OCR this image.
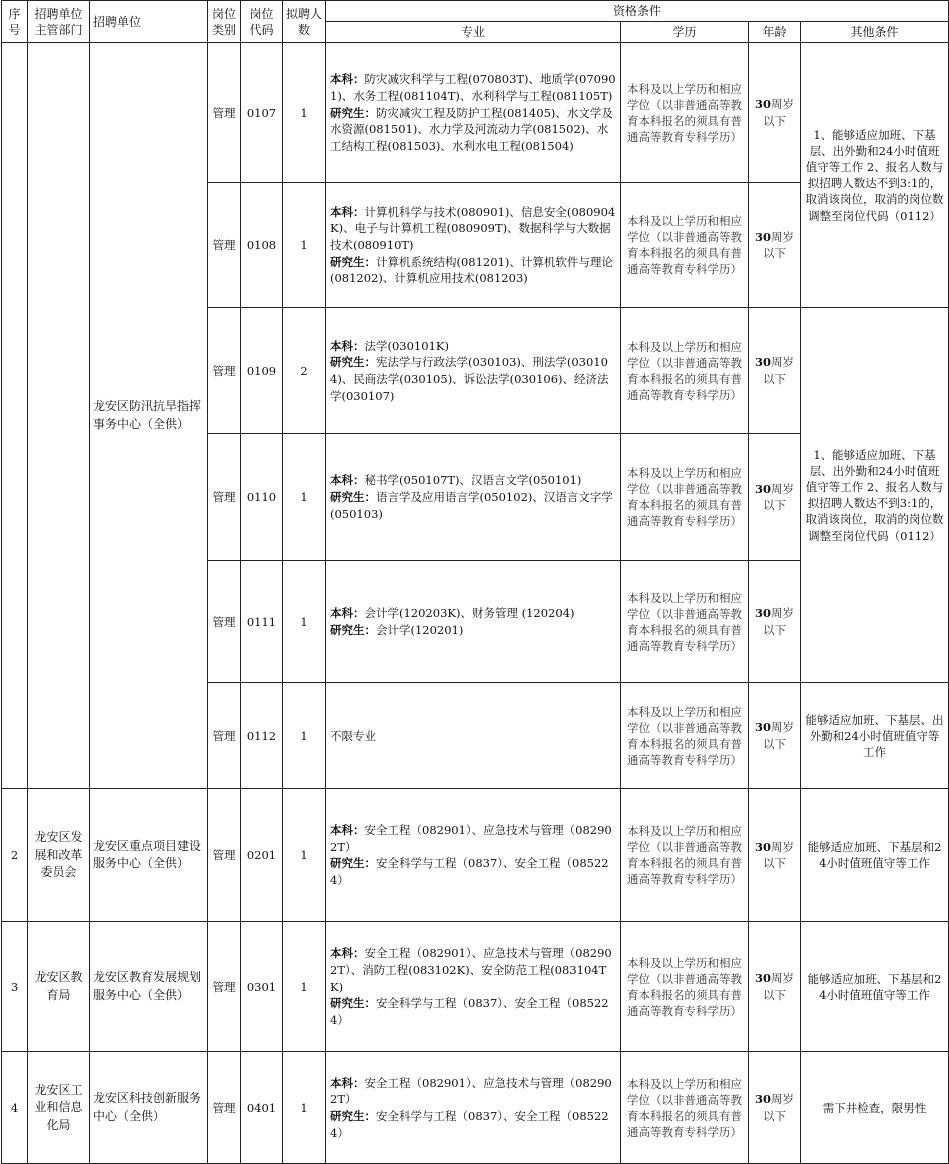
序号	招聘单位主管部门	招聘单位	岗位类别	岗位代码	拟聘人数	资格条件			
						专业	学历	年龄	其他条件
		龙安区防汛抗旱指挥事务中心（全供）	管理	0107	1	本科：防灾减灾科学与工程(070803T)、地质学(070901)、水务工程(081104T)、水利科学与工程(081105T)
研究生：防灾减灾工程及防护工程(081405)、水文学及水资源(081501)、水力学及河流动力学(081502)、水工结构工程(081503)、水利水电工程(081504)	本科及以上学历和相应学位（以非普通高等教育本科报名的须具有普通高等教育专科学历）	30周岁以下	1、能够适应加班、下基层、出外勤和24小时值班值守等工作 2、报名人数与拟招聘人数达不到3:1的，取消该岗位，取消的岗位数调整至岗位代码（0112）
			管理	0108	1	本科：计算机科学与技术(080901)、信息安全(080904K)、电子与计算机工程(080909T)、数据科学与大数据技术(080910T)
研究生：计算机系统结构(081201)、计算机软件与理论(081202)、计算机应用技术(081203)	本科及以上学历和相应学位（以非普通高等教育本科报名的须具有普通高等教育专科学历）	30周岁以下	
			管理	0109	2	本科：法学(030101K)
研究生：宪法学与行政法学(030103)、刑法学(030104)、民商法学(030105)、诉讼法学(030106)、经济法学(030107)	本科及以上学历和相应学位（以非普通高等教育本科报名的须具有普通高等教育专科学历）	30周岁以下	1、能够适应加班、下基层、出外勤和24小时值班值守等工作 2、报名人数与拟招聘人数达不到3:1的，取消该岗位，取消的岗位数调整至岗位代码（0112）
			管理	0110	1	本科：秘书学(050107T)、汉语言文学(050101)
研究生：语言学及应用语言学(050102)、汉语言文字学(050103)	本科及以上学历和相应学位（以非普通高等教育本科报名的须具有普通高等教育专科学历）	30周岁以下	
			管理	0111	1	本科：会计学(120203K)、财务管理 (120204)
研究生：会计学(120201)	本科及以上学历和相应学位（以非普通高等教育本科报名的须具有普通高等教育专科学历）	30周岁以下	
			管理	0112	1	不限专业	本科及以上学历和相应学位（以非普通高等教育本科报名的须具有普通高等教育专科学历）	30周岁以下	能够适应加班、下基层、出外勤和24小时值班值守等工作
2	龙安区发展和改革委员会	龙安区重点项目建设服务中心（全供）	管理	0201	1	本科：安全工程（082901）、应急技术与管理（082902T）
研究生：安全科学与工程（0837）、安全工程（085224）	本科及以上学历和相应学位（以非普通高等教育本科报名的须具有普通高等教育专科学历）	30周岁以下	能够适应加班、下基层和24小时值班值守等工作
3	龙安区教育局	龙安区教育发展规划服务中心（全供）	管理	0301	1	本科：安全工程（082901）、应急技术与管理（082902T）、消防工程(083102K)、安全防范工程(083104TK)
研究生：安全科学与工程（0837）、安全工程（085224）	本科及以上学历和相应学位（以非普通高等教育本科报名的须具有普通高等教育专科学历）	30周岁以下	能够适应加班、下基层和24小时值班值守等工作
4	龙安区工业和信息化局	龙安区科技创新服务中心（全供）	管理	0401	1	本科：安全工程（082901）、应急技术与管理（082902T）
研究生：安全科学与工程（0837）、安全工程（085224）	本科及以上学历和相应学位（以非普通高等教育本科报名的须具有普通高等教育专科学历）	30周岁以下	需下井检查，限男性
